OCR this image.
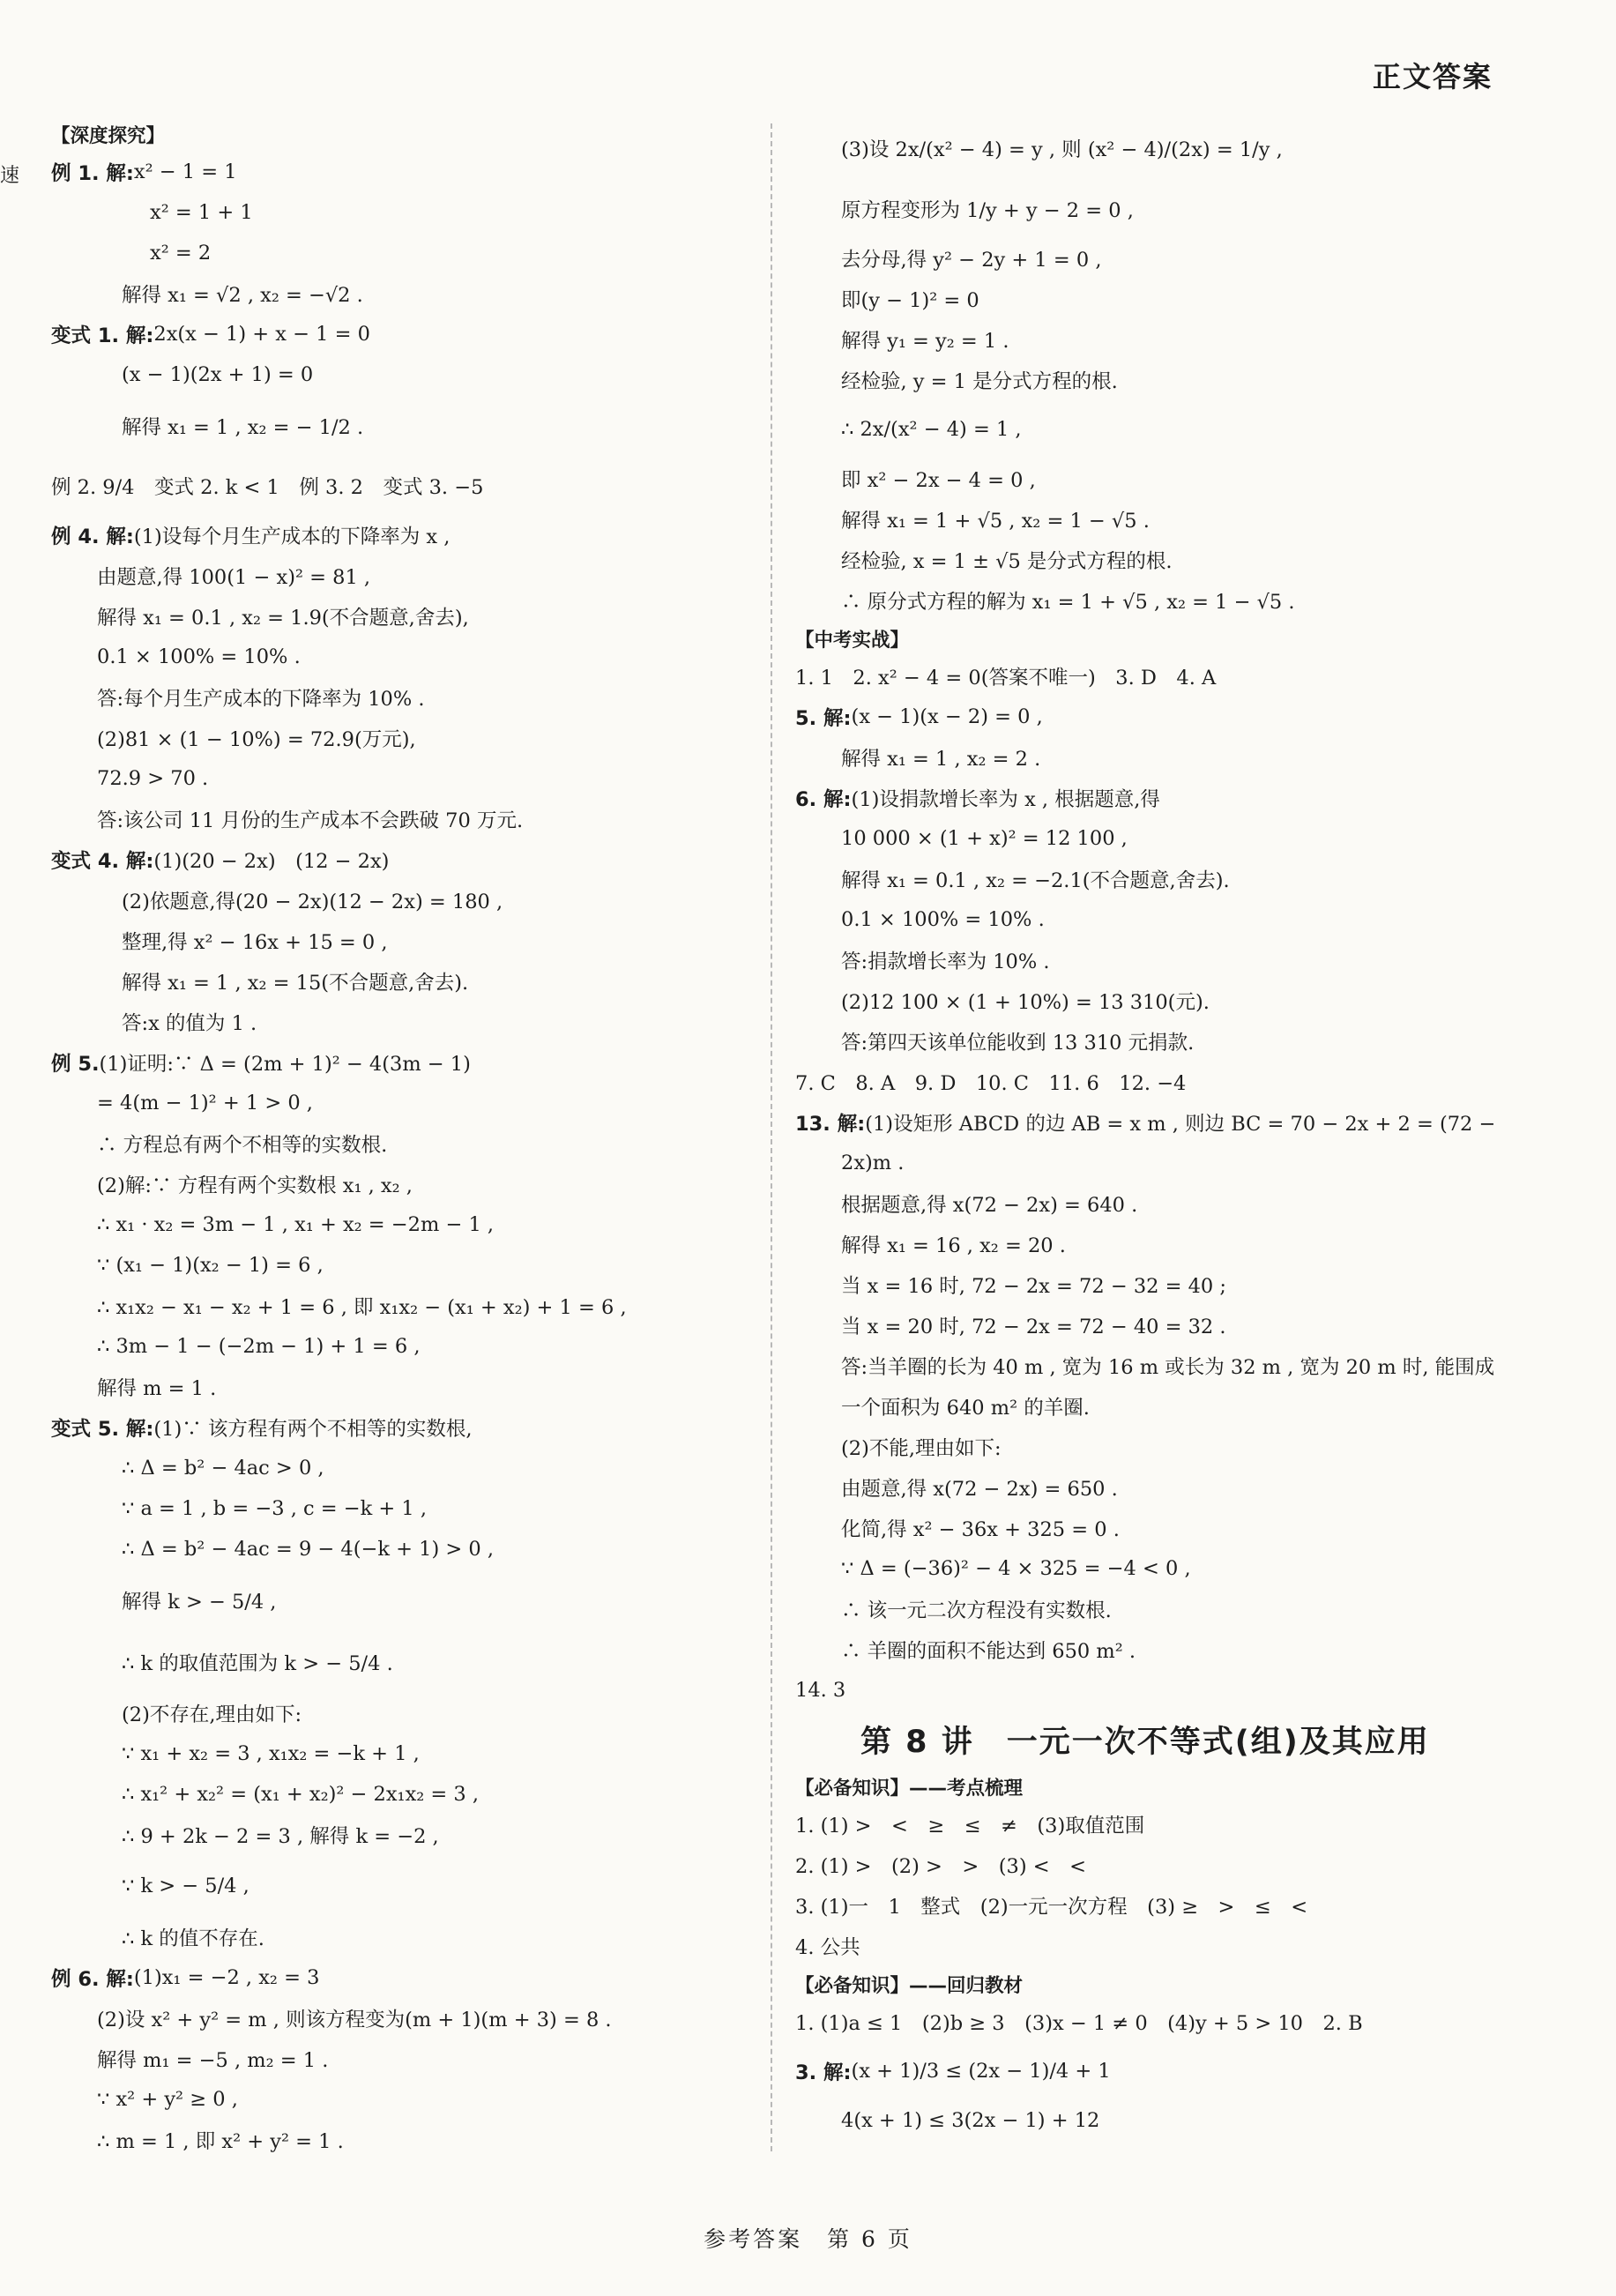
正文答案
速
【深度探究】
例 1. 解: x² − 1 = 1
x² = 1 + 1
x² = 2
解得 x₁ = √2 , x₂ = −√2 .
变式 1. 解: 2x(x − 1) + x − 1 = 0
(x − 1)(2x + 1) = 0
解得 x₁ = 1 , x₂ = − 1/2 .
例 2. 9/4　变式 2. k < 1　例 3. 2　变式 3. −5
例 4. 解: (1)设每个月生产成本的下降率为 x ,
由题意,得 100(1 − x)² = 81 ,
解得 x₁ = 0.1 , x₂ = 1.9(不合题意,舍去),
0.1 × 100% = 10% .
答:每个月生产成本的下降率为 10% .
(2)81 × (1 − 10%) = 72.9(万元),
72.9 > 70 .
答:该公司 11 月份的生产成本不会跌破 70 万元.
变式 4. 解: (1)(20 − 2x)　(12 − 2x)
(2)依题意,得(20 − 2x)(12 − 2x) = 180 ,
整理,得 x² − 16x + 15 = 0 ,
解得 x₁ = 1 , x₂ = 15(不合题意,舍去).
答:x 的值为 1 .
例 5. (1)证明:∵ Δ = (2m + 1)² − 4(3m − 1)
= 4(m − 1)² + 1 > 0 ,
∴ 方程总有两个不相等的实数根.
(2)解:∵ 方程有两个实数根 x₁ , x₂ ,
∴ x₁ · x₂ = 3m − 1 , x₁ + x₂ = −2m − 1 ,
∵ (x₁ − 1)(x₂ − 1) = 6 ,
∴ x₁x₂ − x₁ − x₂ + 1 = 6 , 即 x₁x₂ − (x₁ + x₂) + 1 = 6 ,
∴ 3m − 1 − (−2m − 1) + 1 = 6 ,
解得 m = 1 .
变式 5. 解: (1)∵ 该方程有两个不相等的实数根,
∴ Δ = b² − 4ac > 0 ,
∵ a = 1 , b = −3 , c = −k + 1 ,
∴ Δ = b² − 4ac = 9 − 4(−k + 1) > 0 ,
解得 k > − 5/4 ,
∴ k 的取值范围为 k > − 5/4 .
(2)不存在,理由如下:
∵ x₁ + x₂ = 3 , x₁x₂ = −k + 1 ,
∴ x₁² + x₂² = (x₁ + x₂)² − 2x₁x₂ = 3 ,
∴ 9 + 2k − 2 = 3 , 解得 k = −2 ,
∵ k > − 5/4 ,
∴ k 的值不存在.
例 6. 解: (1)x₁ = −2 , x₂ = 3
(2)设 x² + y² = m , 则该方程变为(m + 1)(m + 3) = 8 .
解得 m₁ = −5 , m₂ = 1 .
∵ x² + y² ≥ 0 ,
∴ m = 1 , 即 x² + y² = 1 .
(3)设 2x/(x² − 4) = y , 则 (x² − 4)/(2x) = 1/y ,
原方程变形为 1/y + y − 2 = 0 ,
去分母,得 y² − 2y + 1 = 0 ,
即(y − 1)² = 0
解得 y₁ = y₂ = 1 .
经检验, y = 1 是分式方程的根.
∴ 2x/(x² − 4) = 1 ,
即 x² − 2x − 4 = 0 ,
解得 x₁ = 1 + √5 , x₂ = 1 − √5 .
经检验, x = 1 ± √5 是分式方程的根.
∴ 原分式方程的解为 x₁ = 1 + √5 , x₂ = 1 − √5 .
【中考实战】
1. 1　2. x² − 4 = 0(答案不唯一)　3. D　4. A
5. 解: (x − 1)(x − 2) = 0 ,
解得 x₁ = 1 , x₂ = 2 .
6. 解: (1)设捐款增长率为 x , 根据题意,得
10 000 × (1 + x)² = 12 100 ,
解得 x₁ = 0.1 , x₂ = −2.1(不合题意,舍去).
0.1 × 100% = 10% .
答:捐款增长率为 10% .
(2)12 100 × (1 + 10%) = 13 310(元).
答:第四天该单位能收到 13 310 元捐款.
7. C　8. A　9. D　10. C　11. 6　12. −4
13. 解: (1)设矩形 ABCD 的边 AB = x m , 则边 BC = 70 − 2x + 2 = (72 −
2x)m .
根据题意,得 x(72 − 2x) = 640 .
解得 x₁ = 16 , x₂ = 20 .
当 x = 16 时, 72 − 2x = 72 − 32 = 40 ;
当 x = 20 时, 72 − 2x = 72 − 40 = 32 .
答:当羊圈的长为 40 m , 宽为 16 m 或长为 32 m , 宽为 20 m 时, 能围成
一个面积为 640 m² 的羊圈.
(2)不能,理由如下:
由题意,得 x(72 − 2x) = 650 .
化简,得 x² − 36x + 325 = 0 .
∵ Δ = (−36)² − 4 × 325 = −4 < 0 ,
∴ 该一元二次方程没有实数根.
∴ 羊圈的面积不能达到 650 m² .
14. 3
第 8 讲　一元一次不等式(组)及其应用
【必备知识】——考点梳理
1. (1) >　<　≥　≤　≠　(3)取值范围
2. (1) >　(2) >　>　(3) <　<
3. (1)一　1　整式　(2)一元一次方程　(3) ≥　>　≤　<
4. 公共
【必备知识】——回归教材
1. (1)a ≤ 1　(2)b ≥ 3　(3)x − 1 ≠ 0　(4)y + 5 > 10　2. B
3. 解: (x + 1)/3 ≤ (2x − 1)/4 + 1
4(x + 1) ≤ 3(2x − 1) + 12
参考答案　第 6 页
